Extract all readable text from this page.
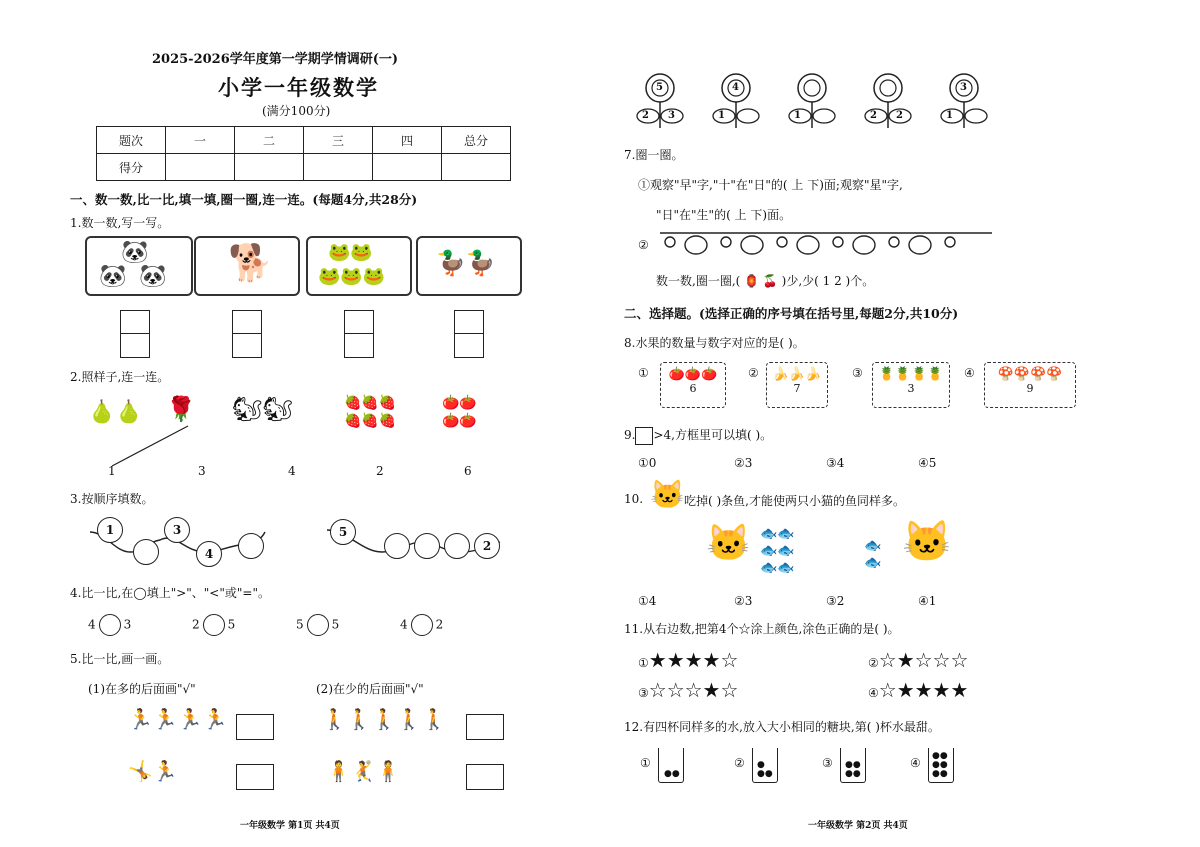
2025-2026学年度第一学期学情调研(一)
小学一年级数学
(满分100分)
题次	一	二	三	四	总分
得分					
一、数一数,比一比,填一填,圈一圈,连一连。(每题4分,共28分)
1.数一数,写一写。
🐼
🐼 🐼 🐕	🐸🐸
🐸🐸🐸 🦆🦆
2.照样子,连一连。
🍐🍐 🌹 🐿🐿	🍓🍓🍓
🍓🍓🍓
🍅🍅
🍅🍅
1	3	4	2	6
3.按顺序填数。
1	3
4
5
2
4.比一比,在◯填上">"、"<"或"="。
4 3	2 5	5 5	4 2
5.比一比,画一画。
(1)在多的后面画"√"	(2)在少的后面画"√"
🏃🏃🏃🏃
🤸🏃
🚶🚶🚶🚶🚶
🧍🤾🧍
一年级数学 第1页 共4页
5
2 3
4
1	1	2 2
3
1
7.圈一圈。
①观察"早"字,"十"在"日"的( 上 下)面;观察"星"字,
"日"在"生"的( 上 下)面。
②
数一数,圈一圈,( 🏮 🍒 )少,少( 1 2 )个。
二、选择题。(选择正确的序号填在括号里,每题2分,共10分)
8.水果的数量与数字对应的是( )。
①	🍅🍅🍅
6
②	🍌🍌🍌
7
③	🍍🍍🍍🍍
3
④	🍄🍄🍄🍄
9
9. >4,方框里可以填( )。
①0	②3	③4	④5
10. 🐱 吃掉( )条鱼,才能使两只小猫的鱼同样多。
🐱 🐟🐟
🐟🐟
🐟🐟
🐟
🐟 🐱
①4	②3	③2	④1
11.从右边数,把第4个☆涂上颜色,涂色正确的是( )。
①★★★★☆	②☆★☆☆☆
③☆☆☆★☆	④☆★★★★
12.有四杯同样多的水,放入大小相同的糖块,第( )杯水最甜。
①
●●
② ●
●●
③ ●●
●●
④ ●●
●●
●●
一年级数学 第2页 共4页
